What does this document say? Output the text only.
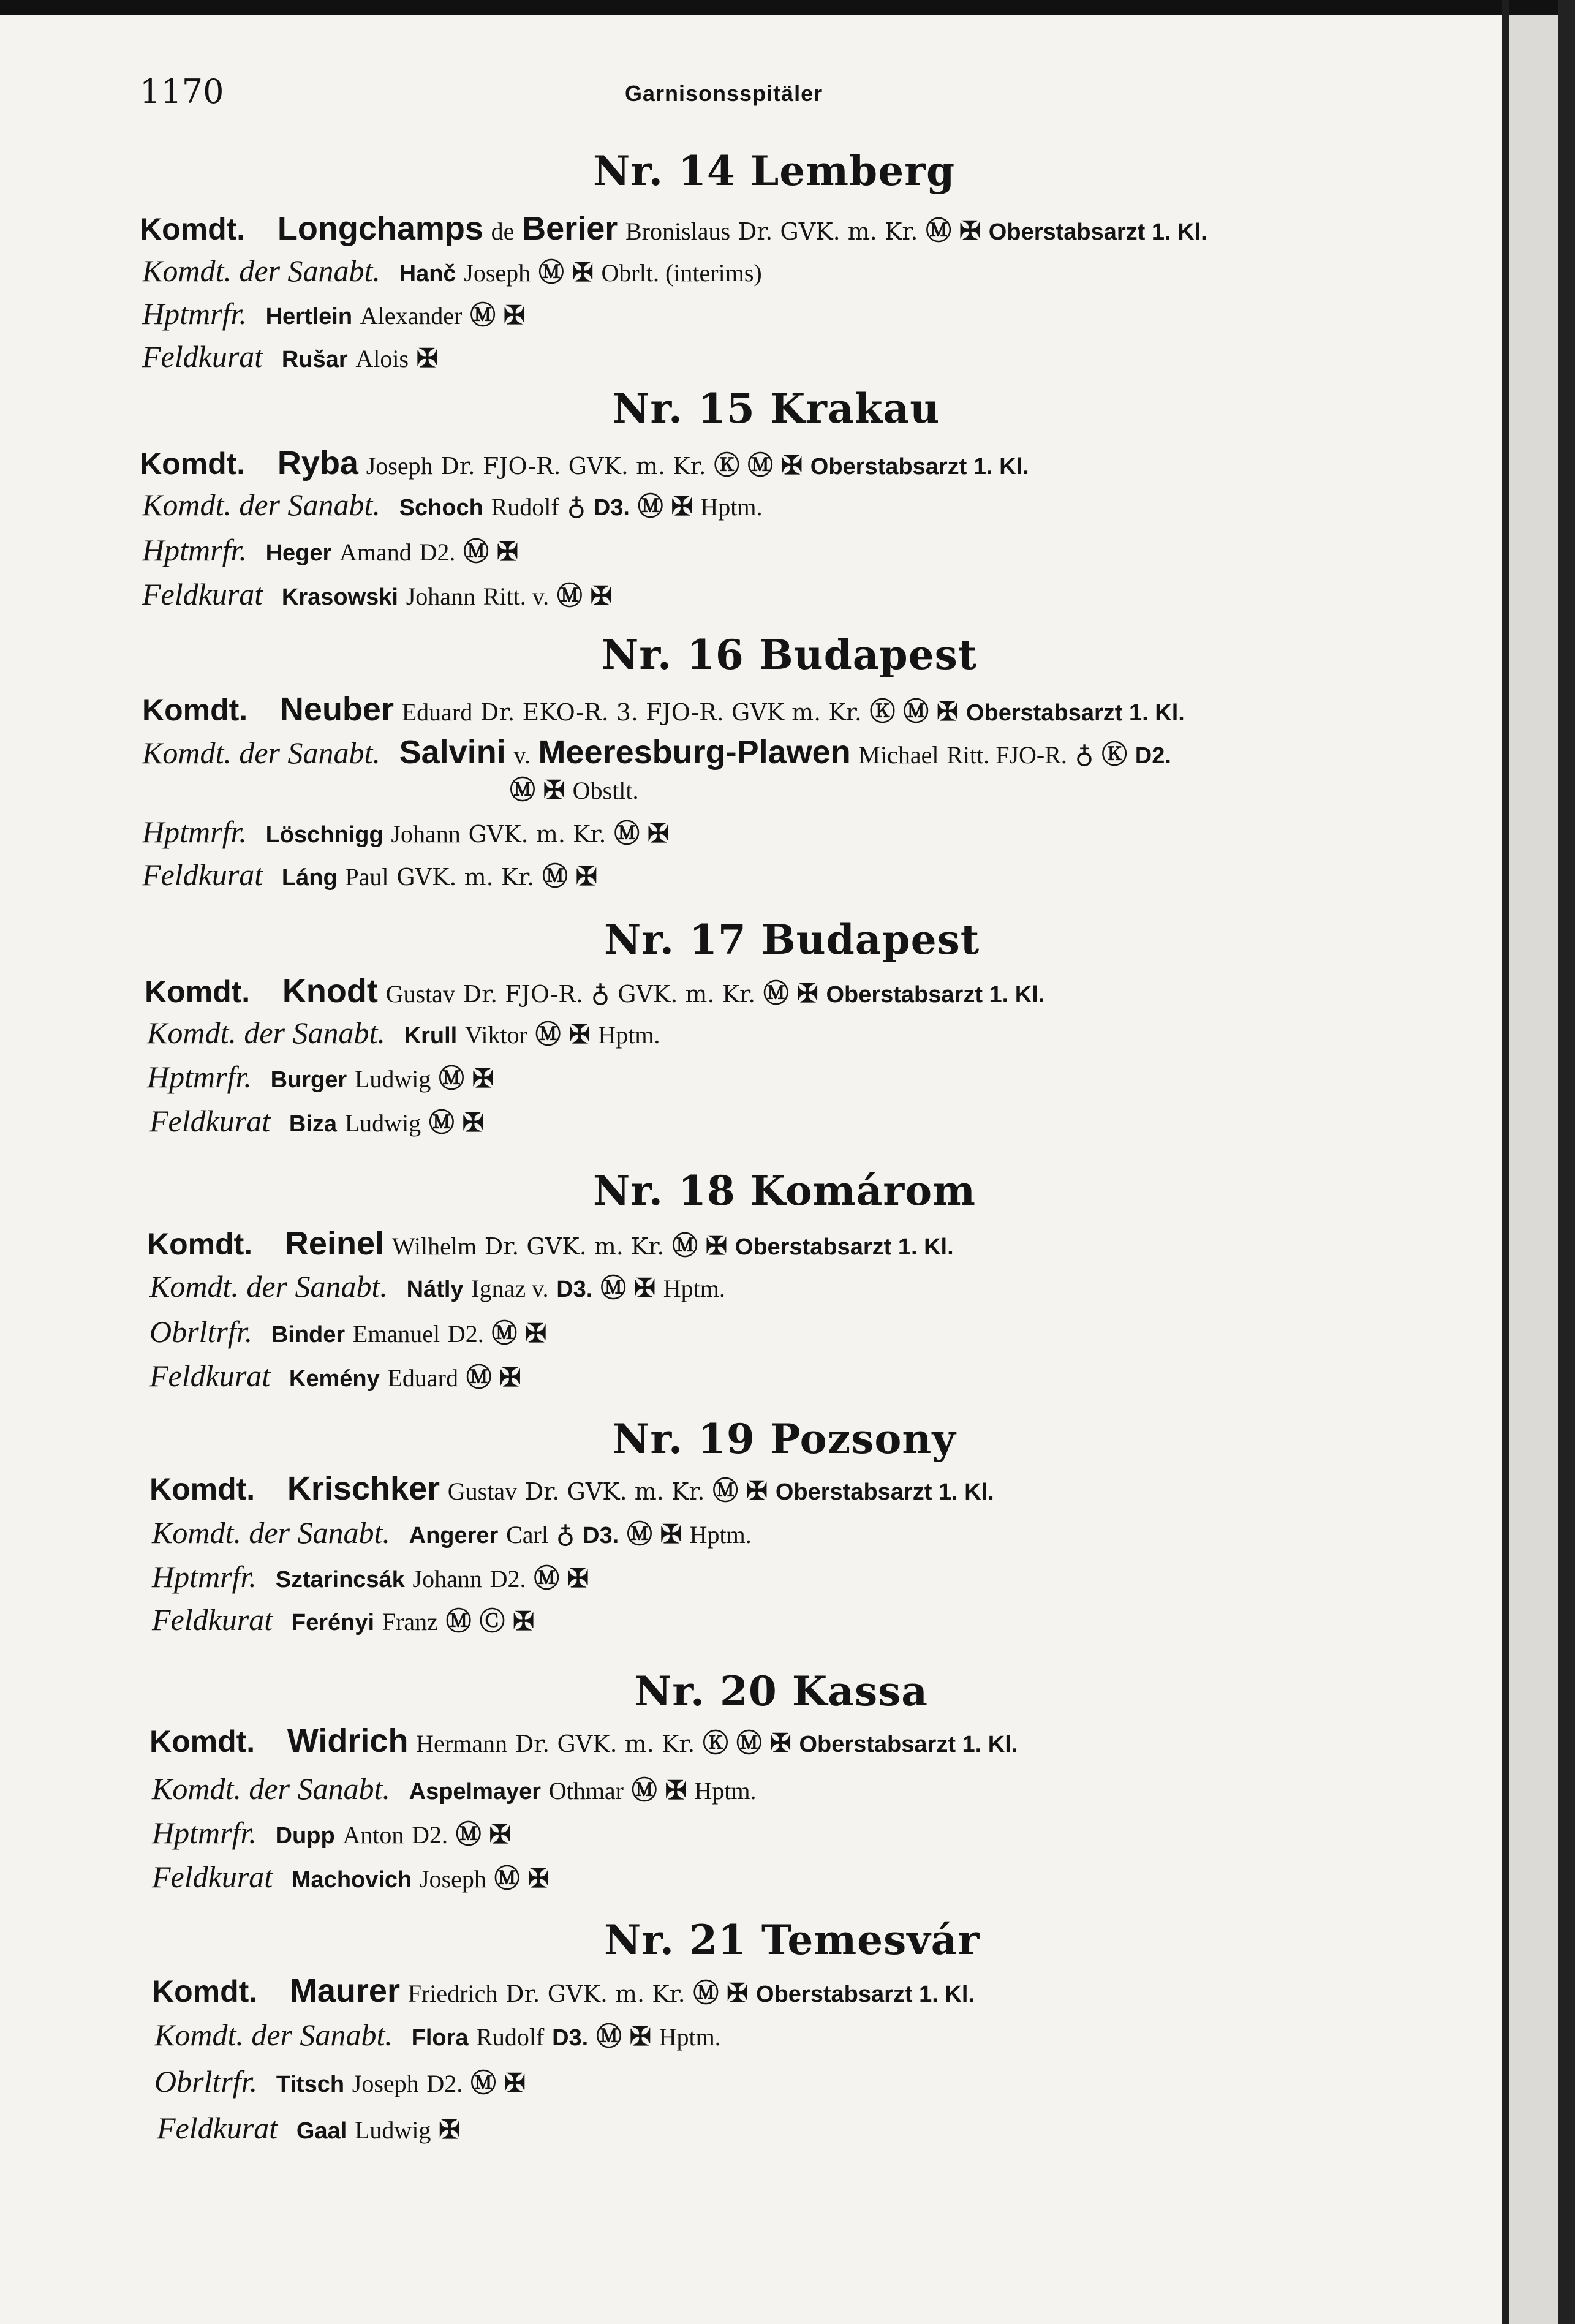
1170	Garnisonsspitäler
Nr. 14 Lemberg
Komdt. Longchamps de Berier Bronislaus Dr. GVK. m. Kr. Ⓜ ✠ Oberstabsarzt 1. Kl.
Komdt. der Sanabt. Hanč Joseph Ⓜ ✠ Obrlt. (interims)
Hptmrfr. Hertlein Alexander Ⓜ ✠
Feldkurat Rušar Alois ✠
Nr. 15 Krakau
Komdt. Ryba Joseph Dr. FJO-R. GVK. m. Kr. Ⓚ Ⓜ ✠ Oberstabsarzt 1. Kl.
Komdt. der Sanabt. Schoch Rudolf ♁ D3. Ⓜ ✠ Hptm.
Hptmrfr. Heger Amand D2. Ⓜ ✠
Feldkurat Krasowski Johann Ritt. v. Ⓜ ✠
Nr. 16 Budapest
Komdt. Neuber Eduard Dr. EKO-R. 3. FJO-R. GVK m. Kr. Ⓚ Ⓜ ✠ Oberstabsarzt 1. Kl.
Komdt. der Sanabt. Salvini v. Meeresburg-Plawen Michael Ritt. FJO-R. ♁ Ⓚ D2.
Ⓜ ✠ Obstlt.
Hptmrfr. Löschnigg Johann GVK. m. Kr. Ⓜ ✠
Feldkurat Láng Paul GVK. m. Kr. Ⓜ ✠
Nr. 17 Budapest
Komdt. Knodt Gustav Dr. FJO-R. ♁ GVK. m. Kr. Ⓜ ✠ Oberstabsarzt 1. Kl.
Komdt. der Sanabt. Krull Viktor Ⓜ ✠ Hptm.
Hptmrfr. Burger Ludwig Ⓜ ✠
Feldkurat Biza Ludwig Ⓜ ✠
Nr. 18 Komárom
Komdt. Reinel Wilhelm Dr. GVK. m. Kr. Ⓜ ✠ Oberstabsarzt 1. Kl.
Komdt. der Sanabt. Nátly Ignaz v. D3. Ⓜ ✠ Hptm.
Obrltrfr. Binder Emanuel D2. Ⓜ ✠
Feldkurat Kemény Eduard Ⓜ ✠
Nr. 19 Pozsony
Komdt. Krischker Gustav Dr. GVK. m. Kr. Ⓜ ✠ Oberstabsarzt 1. Kl.
Komdt. der Sanabt. Angerer Carl ♁ D3. Ⓜ ✠ Hptm.
Hptmrfr. Sztarincsák Johann D2. Ⓜ ✠
Feldkurat Ferényi Franz Ⓜ Ⓒ ✠
Nr. 20 Kassa
Komdt. Widrich Hermann Dr. GVK. m. Kr. Ⓚ Ⓜ ✠ Oberstabsarzt 1. Kl.
Komdt. der Sanabt. Aspelmayer Othmar Ⓜ ✠ Hptm.
Hptmrfr. Dupp Anton D2. Ⓜ ✠
Feldkurat Machovich Joseph Ⓜ ✠
Nr. 21 Temesvár
Komdt. Maurer Friedrich Dr. GVK. m. Kr. Ⓜ ✠ Oberstabsarzt 1. Kl.
Komdt. der Sanabt. Flora Rudolf D3. Ⓜ ✠ Hptm.
Obrltrfr. Titsch Joseph D2. Ⓜ ✠
Feldkurat Gaal Ludwig ✠
